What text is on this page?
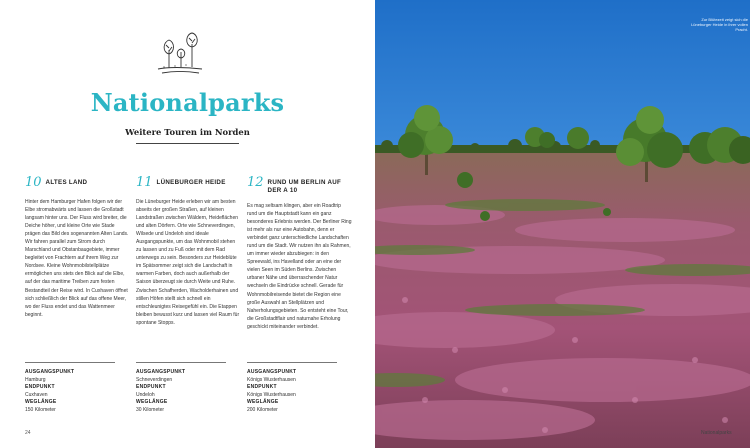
Nationalparks
Weitere Touren im Norden
10 ALTES LAND

Hinter dem Hamburger Hafen folgen wir der Elbe stromabwärts und lassen die Großstadt langsam hinter uns. Der Fluss wird breiter, die Deiche höher, und kleine Orte wie Stade prägen das Bild des sogenannten Alten Lands. Wir fahren parallel zum Strom durch Marschland und Obstanbaugebiete, immer begleitet von Frachtern auf ihrem Weg zur Nordsee. Kleine Wohnmobilstellplätze ermöglichen uns stets den Blick auf die Elbe, auf der das maritime Treiben zum festen Bestandteil der Reise wird. In Cuxhaven öffnet sich schließlich der Blick auf das offene Meer, wo der Fluss endet und das Wattenmeer beginnt.

11 LÜNEBURGER HEIDE

Die Lüneburger Heide erleben wir am besten abseits der großen Straßen, auf kleinen Landstraßen zwischen Wäldern, Heideflächen und alten Dörfern. Orte wie Schneverdingen, Wilsede und Undeloh sind ideale Ausgangspunkte, um das Wohnmobil stehen zu lassen und zu Fuß oder mit dem Rad unterwegs zu sein. Besonders zur Heideblüte im Spätsommer zeigt sich die Landschaft in warmen Farben, doch auch außerhalb der Saison überzeugt sie durch Weite und Ruhe. Zwischen Schafherden, Wacholderhainen und stillen Höfen stellt sich schnell ein entschleunigtes Reisegefühl ein. Die Etappen bleiben bewusst kurz und lassen viel Raum für spontane Stopps.

12 RUND UM BERLIN AUF DER A 10

Es mag seltsam klingen, aber ein Roadtrip rund um die Hauptstadt kann ein ganz besonderes Erlebnis werden. Der Berliner Ring ist mehr als nur eine Autobahn, denn er verbindet ganz unterschiedliche Landschaften rund um die Stadt. Wir nutzen ihn als Rahmen, um immer wieder abzubiegen: in den Spreewald, ins Havelland oder an eine der vielen Seen im Süden Berlins. Zwischen urbaner Nähe und überraschender Natur wechseln die Eindrücke schnell. Gerade für Wohnmobilreisende bietet die Region eine große Auswahl an Stellplätzen und Naherholungsgebieten. So entsteht eine Tour, die Großstadtflair und naturnahe Erholung geschickt miteinander verbindet.

AUSGANGSPUNKT
Hamburg
ENDPUNKT
Cuxhaven
WEGLÄNGE
150 Kilometer
AUSGANGSPUNKT
Schneverdingen
ENDPUNKT
Undeloh
WEGLÄNGE
30 Kilometer
AUSGANGSPUNKT
Königs Wusterhausen
ENDPUNKT
Königs Wusterhausen
WEGLÄNGE
200 Kilometer
24
Zur Blütezeit zeigt sich die Lüneburger Heide in ihrer vollen Pracht.
Nationalparks
